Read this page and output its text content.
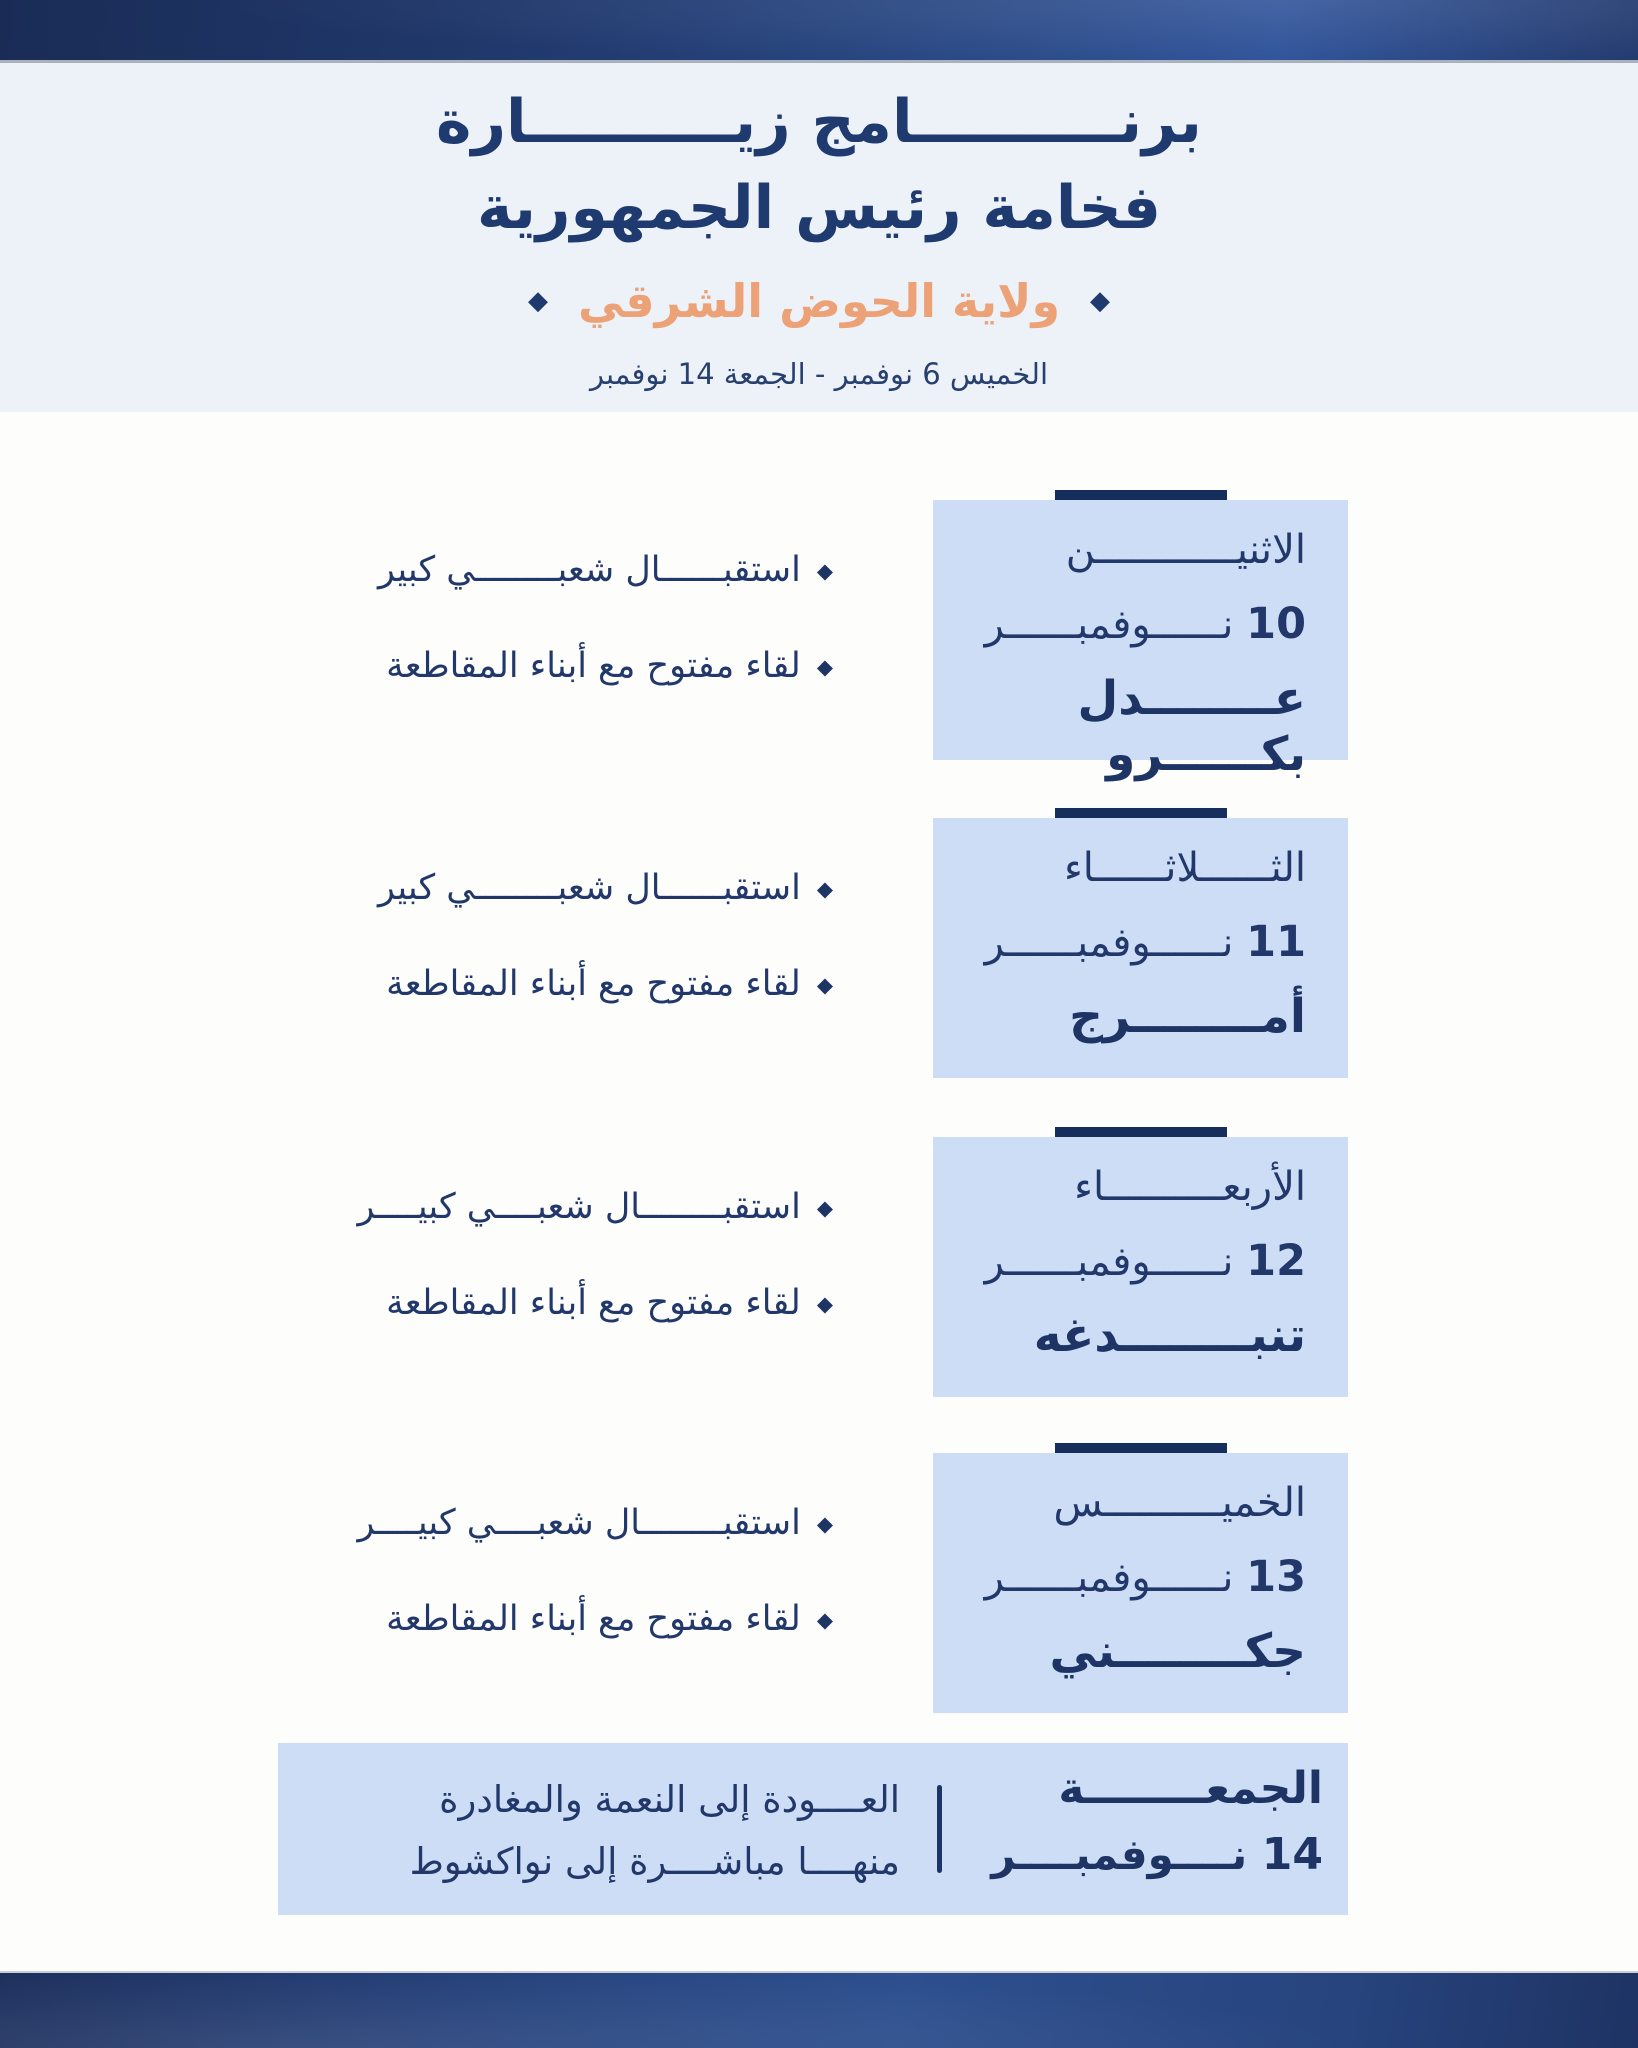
برنــــــــــامج زيــــــــــارة
فخامة رئيس الجمهورية
◆
ولاية الحوض الشرقي
◆
الخميس 6 نوفمبر - الجمعة 14 نوفمبر
الاثنيــــــــــــن
10 نــــــوفمبــــــر
عــــــــدل بكــــــرو
◆استقبــــــال شعبــــــــي كبير
◆لقاء مفتوح مع أبناء المقاطعة
الثــــــلاثــــــاء
11 نــــــوفمبــــــر
أمــــــــرج
◆استقبــــــال شعبــــــــي كبير
◆لقاء مفتوح مع أبناء المقاطعة
الأربعــــــــــاء
12 نــــــوفمبــــــر
تنبــــــــدغه
◆استقبــــــــال شعبــــي كبيــــر
◆لقاء مفتوح مع أبناء المقاطعة
الخميــــــــــس
13 نــــــوفمبــــــر
جكــــــــني
◆استقبــــــــال شعبــــي كبيــــر
◆لقاء مفتوح مع أبناء المقاطعة
الجمعــــــــة
14 نــــوفمبــــر
العــــودة إلى النعمة والمغادرة
منهــــا مباشــــرة إلى نواكشوط
